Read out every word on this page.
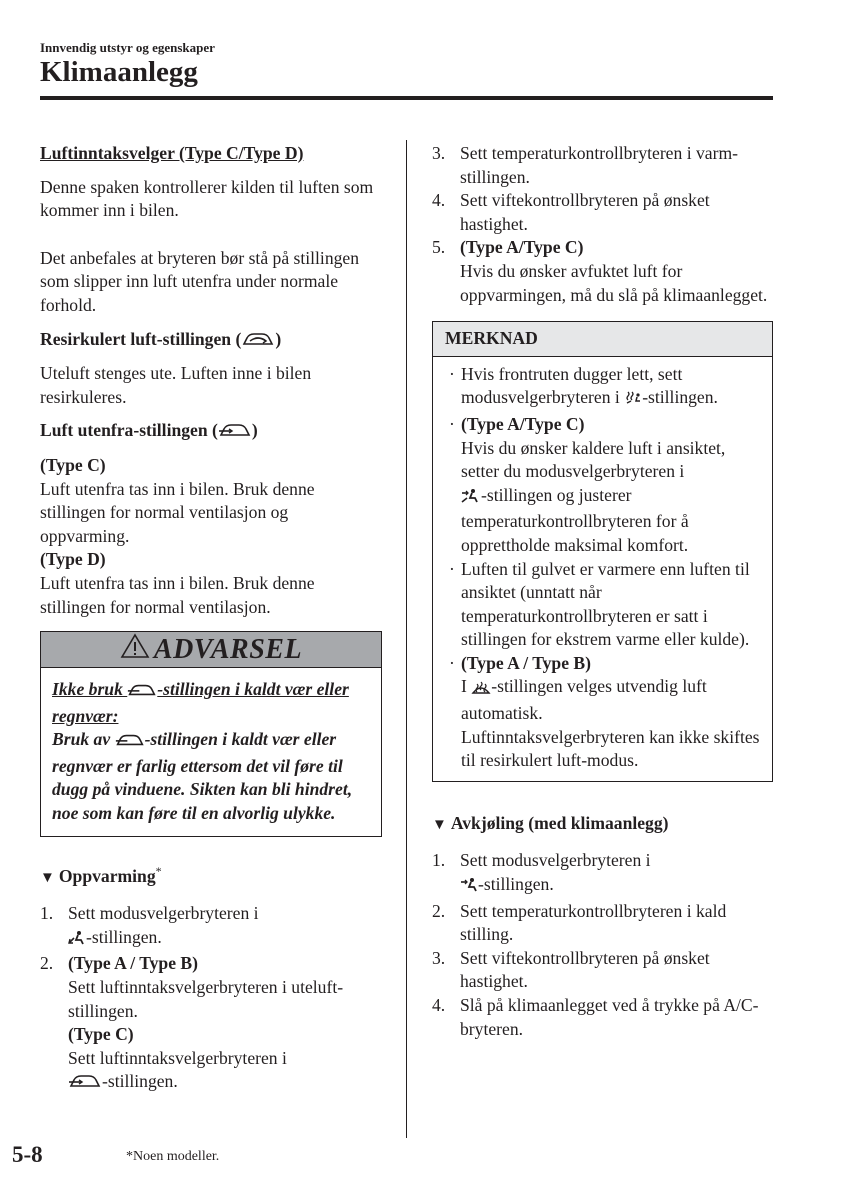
Innvendig utstyr og egenskaper
Klimaanlegg

Luftinntaksvelger (Type C/Type D)

Denne spaken kontrollerer kilden til luften som kommer inn i bilen.

Det anbefales at bryteren bør stå på stillingen som slipper inn luft utenfra under normale forhold.

Resirkulert luft-stillingen ( )

Uteluft stenges ute. Luften inne i bilen resirkuleres.

Luft utenfra-stillingen ( )

(Type C)

Luft utenfra tas inn i bilen. Bruk denne stillingen for normal ventilasjon og oppvarming.

(Type D)

Luft utenfra tas inn i bilen. Bruk denne stillingen for normal ventilasjon.

ADVARSEL

Ikke bruk -stillingen i kaldt vær eller regnvær:

Bruk av -stillingen i kaldt vær eller regnvær er farlig ettersom det vil føre til dugg på vinduene. Sikten kan bli hindret, noe som kan føre til en alvorlig ulykke.

▼ Oppvarming*

1. Sett modusvelgerbryteren i
-stillingen.
2. (Type A / Type B)
Sett luftinntaksvelgerbryteren i uteluft-stillingen.
(Type C)
Sett luftinntaksvelgerbryteren i
-stillingen.
3. Sett temperaturkontrollbryteren i varm-stillingen.
4. Sett viftekontrollbryteren på ønsket hastighet.
5. (Type A/Type C)
Hvis du ønsker avfuktet luft for oppvarmingen, må du slå på klimaanlegget.
MERKNAD
· Hvis frontruten dugger lett, sett modusvelgerbryteren i -stillingen.
· (Type A/Type C)
Hvis du ønsker kaldere luft i ansiktet, setter du modusvelgerbryteren i
-stillingen og justerer temperaturkontrollbryteren for å opprettholde maksimal komfort.
· Luften til gulvet er varmere enn luften til ansiktet (unntatt når temperaturkontrollbryteren er satt i stillingen for ekstrem varme eller kulde).
· (Type A / Type B)
I -stillingen velges utvendig luft automatisk.
Luftinntaksvelgerbryteren kan ikke skiftes til resirkulert luft-modus.

▼ Avkjøling (med klimaanlegg)

1. Sett modusvelgerbryteren i
-stillingen.
2. Sett temperaturkontrollbryteren i kald stilling.
3. Sett viftekontrollbryteren på ønsket hastighet.
4. Slå på klimaanlegget ved å trykke på A/C-bryteren.
5-8	*Noen modeller.
